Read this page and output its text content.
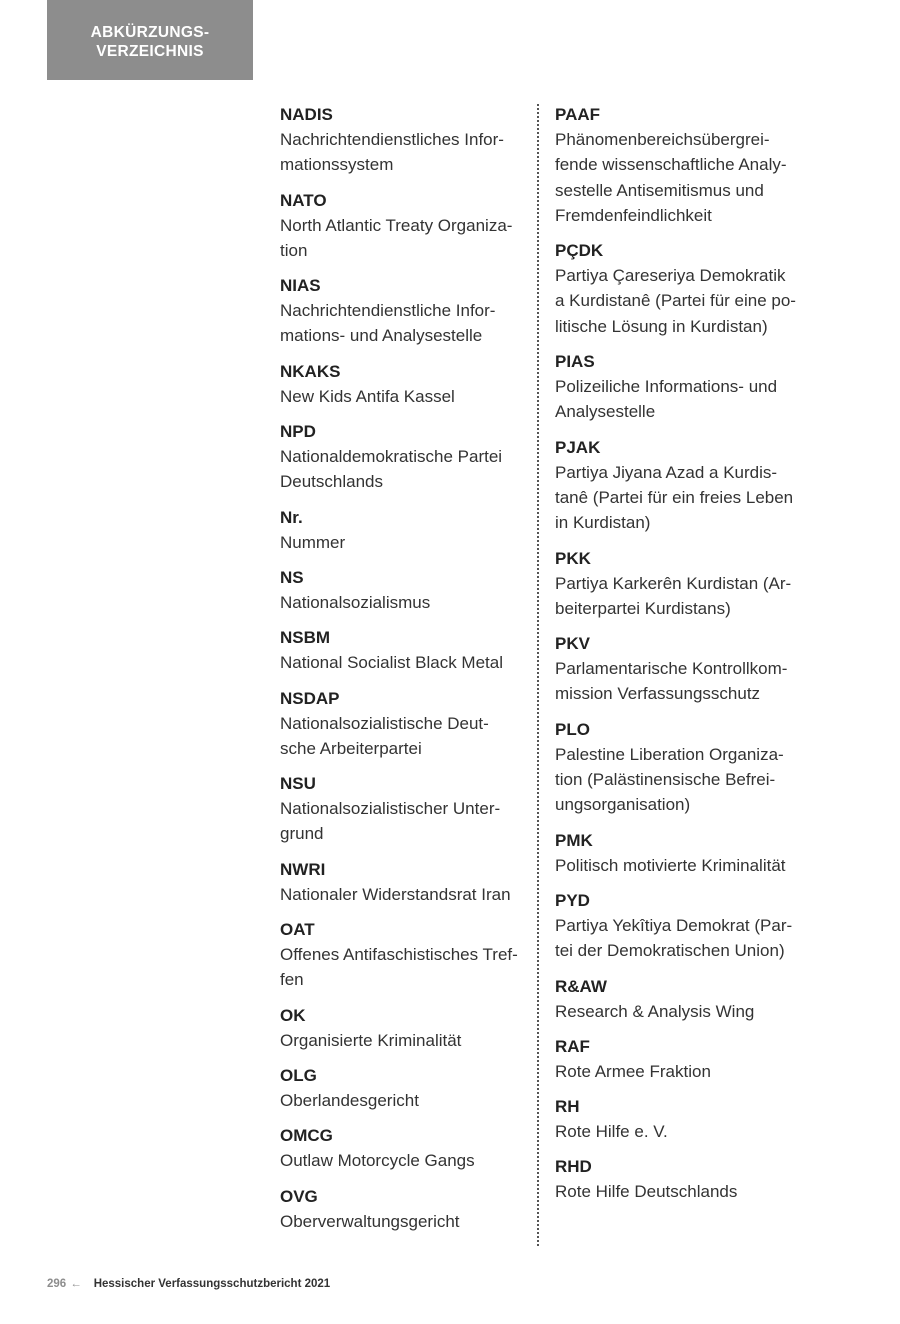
ABKÜRZUNGS-
VERZEICHNIS
NADIS
Nachrichtendienstliches Infor-
mationssystem
NATO
North Atlantic Treaty Organiza-
tion
NIAS
Nachrichtendienstliche Infor-
mations- und Analysestelle
NKAKS
New Kids Antifa Kassel
NPD
Nationaldemokratische Partei
Deutschlands
Nr.
Nummer
NS
Nationalsozialismus
NSBM
National Socialist Black Metal
NSDAP
Nationalsozialistische Deut-
sche Arbeiterpartei
NSU
Nationalsozialistischer Unter-
grund
NWRI
Nationaler Widerstandsrat Iran
OAT
Offenes Antifaschistisches Tref-
fen
OK
Organisierte Kriminalität
OLG
Oberlandesgericht
OMCG
Outlaw Motorcycle Gangs
OVG
Oberverwaltungsgericht
PAAF
Phänomenbereichsübergrei-
fende wissenschaftliche Analy-
sestelle Antisemitismus und
Fremdenfeindlichkeit
PÇDK
Partiya Çareseriya Demokratik
a Kurdistanê (Partei für eine po-
litische Lösung in Kurdistan)
PIAS
Polizeiliche Informations- und
Analysestelle
PJAK
Partiya Jiyana Azad a Kurdis-
tanê (Partei für ein freies Leben
in Kurdistan)
PKK
Partiya Karkerên Kurdistan (Ar-
beiterpartei Kurdistans)
PKV
Parlamentarische Kontrollkom-
mission Verfassungsschutz
PLO
Palestine Liberation Organiza-
tion (Palästinensische Befrei-
ungsorganisation)
PMK
Politisch motivierte Kriminalität
PYD
Partiya Yekîtiya Demokrat (Par-
tei der Demokratischen Union)
R&AW
Research & Analysis Wing
RAF
Rote Armee Fraktion
RH
Rote Hilfe e. V.
RHD
Rote Hilfe Deutschlands
296 ← Hessischer Verfassungsschutzbericht 2021
